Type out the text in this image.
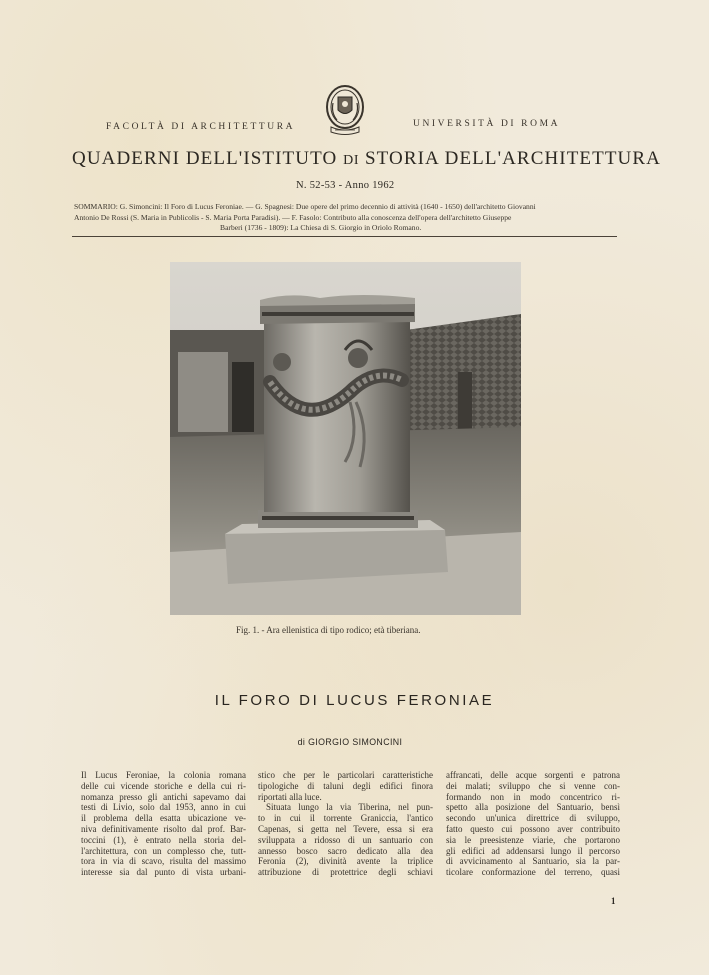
FACOLTÀ DI ARCHITETTURA	UNIVERSITÀ DI ROMA
QUADERNI DELL'ISTITUTO DI STORIA DELL'ARCHITETTURA
N. 52-53 - Anno 1962
SOMMARIO: G. Simoncini: Il Foro di Lucus Feroniae. — G. Spagnesi: Due opere del primo decennio di attività (1640 - 1650) dell'architetto Giovanni
Antonio De Rossi (S. Maria in Publicolis - S. Maria Porta Paradisi). — F. Fasolo: Contributo alla conoscenza dell'opera dell'architetto Giuseppe
Barberi (1736 - 1809): La Chiesa di S. Giorgio in Oriolo Romano.
Fig. 1. - Ara ellenistica di tipo rodico; età tiberiana.
IL FORO DI LUCUS FERONIAE
di GIORGIO SIMONCINI
Il Lucus Feroniae, la colonia romana
delle cui vicende storiche e della cui ri-
nomanza presso gli antichi sapevamo dai
testi di Livio, solo dal 1953, anno in cui
il problema della esatta ubicazione ve-
niva definitivamente risolto dal prof. Bar-
toccini (1), è entrato nella storia del-
l'architettura, con un complesso che, tutt-
tora in via di scavo, risulta del massimo
interesse sia dal punto di vista urbani-
stico che per le particolari caratteristiche
tipologiche di taluni degli edifici finora
riportati alla luce.
Situata lungo la via Tiberina, nel pun-
to in cui il torrente Graniccia, l'antico
Capenas, si getta nel Tevere, essa si era
sviluppata a ridosso di un santuario con
annesso bosco sacro dedicato alla dea
Feronia (2), divinità avente la triplice
attribuzione di protettrice degli schiavi
affrancati, delle acque sorgenti e patrona
dei malati; sviluppo che si venne con-
formando non in modo concentrico ri-
spetto alla posizione del Santuario, bensì
secondo un'unica direttrice di sviluppo,
fatto questo cui possono aver contribuito
sia le preesistenze viarie, che portarono
gli edifici ad addensarsi lungo il percorso
di avvicinamento al Santuario, sia la par-
ticolare conformazione del terreno, quasi
1
